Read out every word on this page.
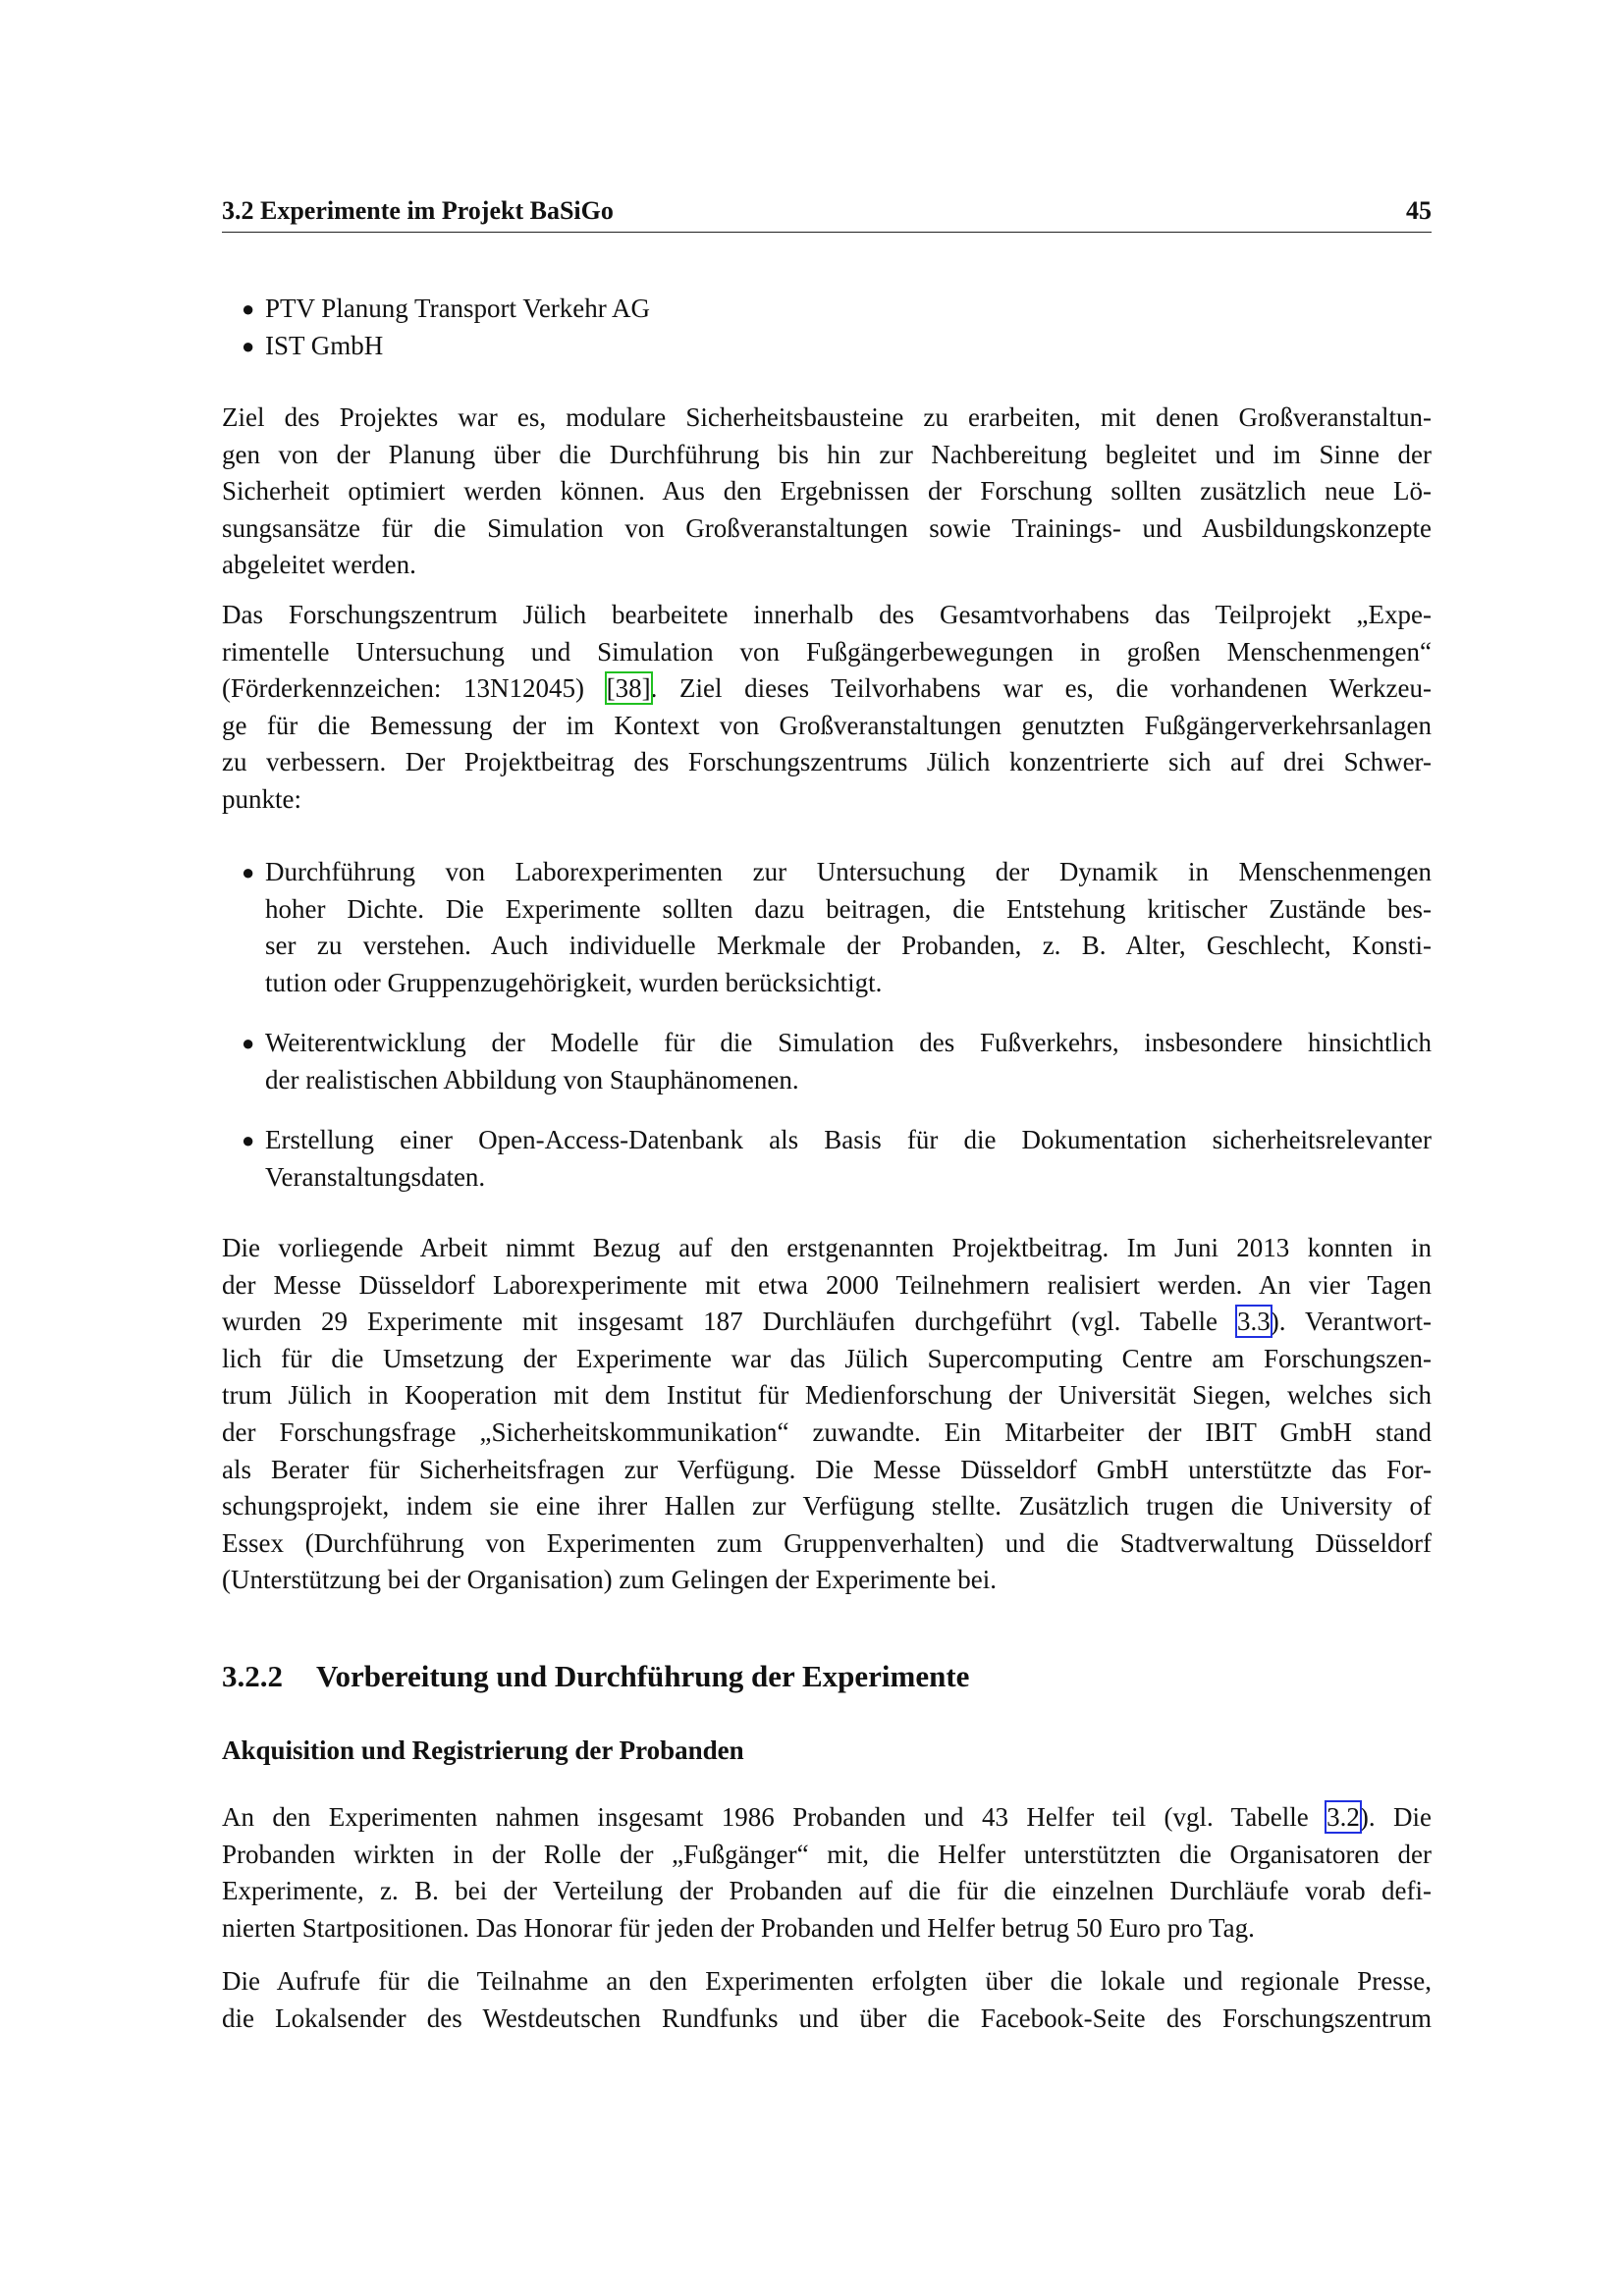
3.2 Experimente im Projekt BaSiGo	45
● PTV Planung Transport Verkehr AG
● IST GmbH
Ziel des Projektes war es, modulare Sicherheitsbausteine zu erarbeiten, mit denen Großveranstaltun-
gen von der Planung über die Durchführung bis hin zur Nachbereitung begleitet und im Sinne der
Sicherheit optimiert werden können. Aus den Ergebnissen der Forschung sollten zusätzlich neue Lö-
sungsansätze für die Simulation von Großveranstaltungen sowie Trainings- und Ausbildungskonzepte
abgeleitet werden.
Das Forschungszentrum Jülich bearbeitete innerhalb des Gesamtvorhabens das Teilprojekt „Expe-
rimentelle Untersuchung und Simulation von Fußgängerbewegungen in großen Menschenmengen“
(Förderkennzeichen: 13N12045) [38]. Ziel dieses Teilvorhabens war es, die vorhandenen Werkzeu-
ge für die Bemessung der im Kontext von Großveranstaltungen genutzten Fußgängerverkehrsanlagen
zu verbessern. Der Projektbeitrag des Forschungszentrums Jülich konzentrierte sich auf drei Schwer-
punkte:
● Durchführung von Laborexperimenten zur Untersuchung der Dynamik in Menschenmengen
hoher Dichte. Die Experimente sollten dazu beitragen, die Entstehung kritischer Zustände bes-
ser zu verstehen. Auch individuelle Merkmale der Probanden, z. B. Alter, Geschlecht, Konsti-
tution oder Gruppenzugehörigkeit, wurden berücksichtigt.
● Weiterentwicklung der Modelle für die Simulation des Fußverkehrs, insbesondere hinsichtlich
der realistischen Abbildung von Stauphänomenen.
● Erstellung einer Open-Access-Datenbank als Basis für die Dokumentation sicherheitsrelevanter
Veranstaltungsdaten.
Die vorliegende Arbeit nimmt Bezug auf den erstgenannten Projektbeitrag. Im Juni 2013 konnten in
der Messe Düsseldorf Laborexperimente mit etwa 2000 Teilnehmern realisiert werden. An vier Tagen
wurden 29 Experimente mit insgesamt 187 Durchläufen durchgeführt (vgl. Tabelle 3.3). Verantwort-
lich für die Umsetzung der Experimente war das Jülich Supercomputing Centre am Forschungszen-
trum Jülich in Kooperation mit dem Institut für Medienforschung der Universität Siegen, welches sich
der Forschungsfrage „Sicherheitskommunikation“ zuwandte. Ein Mitarbeiter der IBIT GmbH stand
als Berater für Sicherheitsfragen zur Verfügung. Die Messe Düsseldorf GmbH unterstützte das For-
schungsprojekt, indem sie eine ihrer Hallen zur Verfügung stellte. Zusätzlich trugen die University of
Essex (Durchführung von Experimenten zum Gruppenverhalten) und die Stadtverwaltung Düsseldorf
(Unterstützung bei der Organisation) zum Gelingen der Experimente bei.
3.2.2 Vorbereitung und Durchführung der Experimente
Akquisition und Registrierung der Probanden
An den Experimenten nahmen insgesamt 1986 Probanden und 43 Helfer teil (vgl. Tabelle 3.2). Die
Probanden wirkten in der Rolle der „Fußgänger“ mit, die Helfer unterstützten die Organisatoren der
Experimente, z. B. bei der Verteilung der Probanden auf die für die einzelnen Durchläufe vorab defi-
nierten Startpositionen. Das Honorar für jeden der Probanden und Helfer betrug 50 Euro pro Tag.
Die Aufrufe für die Teilnahme an den Experimenten erfolgten über die lokale und regionale Presse,
die Lokalsender des Westdeutschen Rundfunks und über die Facebook-Seite des Forschungszentrum
